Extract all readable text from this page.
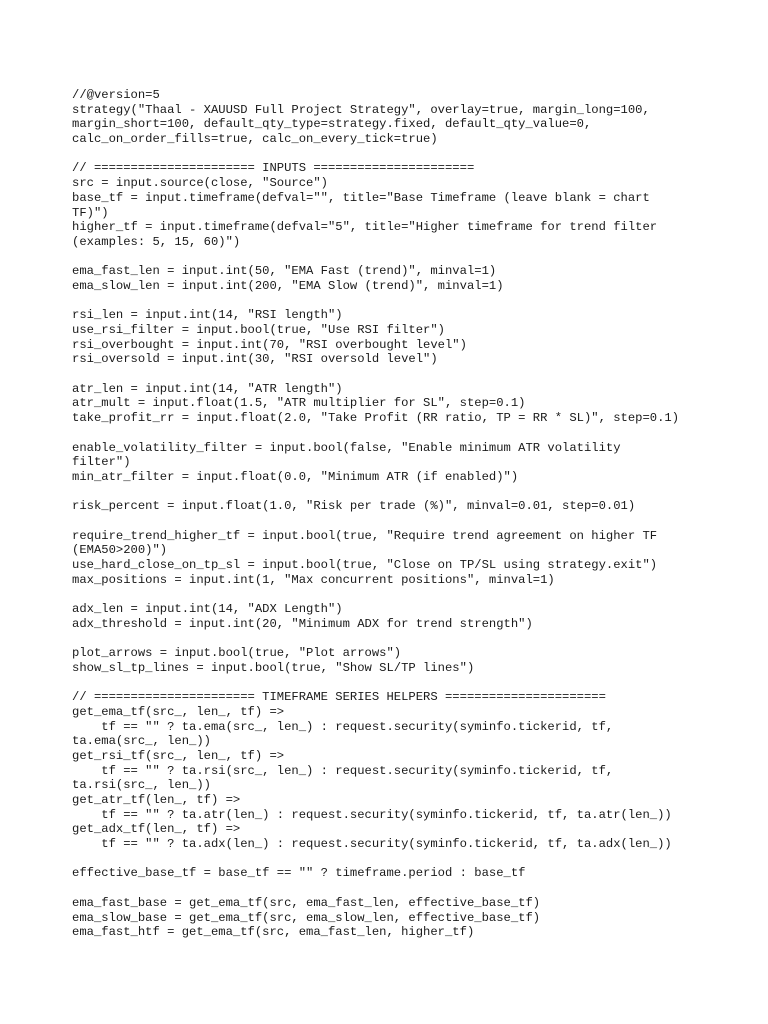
//@version=5
strategy("Thaal - XAUUSD Full Project Strategy", overlay=true, margin_long=100,
margin_short=100, default_qty_type=strategy.fixed, default_qty_value=0,
calc_on_order_fills=true, calc_on_every_tick=true)
// ====================== INPUTS ======================
src = input.source(close, "Source")
base_tf = input.timeframe(defval="", title="Base Timeframe (leave blank = chart
TF)")
higher_tf = input.timeframe(defval="5", title="Higher timeframe for trend filter
(examples: 5, 15, 60)")
ema_fast_len = input.int(50, "EMA Fast (trend)", minval=1)
ema_slow_len = input.int(200, "EMA Slow (trend)", minval=1)
rsi_len = input.int(14, "RSI length")
use_rsi_filter = input.bool(true, "Use RSI filter")
rsi_overbought = input.int(70, "RSI overbought level")
rsi_oversold = input.int(30, "RSI oversold level")
atr_len = input.int(14, "ATR length")
atr_mult = input.float(1.5, "ATR multiplier for SL", step=0.1)
take_profit_rr = input.float(2.0, "Take Profit (RR ratio, TP = RR * SL)", step=0.1)
enable_volatility_filter = input.bool(false, "Enable minimum ATR volatility
filter")
min_atr_filter = input.float(0.0, "Minimum ATR (if enabled)")
risk_percent = input.float(1.0, "Risk per trade (%)", minval=0.01, step=0.01)
require_trend_higher_tf = input.bool(true, "Require trend agreement on higher TF
(EMA50>200)")
use_hard_close_on_tp_sl = input.bool(true, "Close on TP/SL using strategy.exit")
max_positions = input.int(1, "Max concurrent positions", minval=1)
adx_len = input.int(14, "ADX Length")
adx_threshold = input.int(20, "Minimum ADX for trend strength")
plot_arrows = input.bool(true, "Plot arrows")
show_sl_tp_lines = input.bool(true, "Show SL/TP lines")
// ====================== TIMEFRAME SERIES HELPERS ======================
get_ema_tf(src_, len_, tf) =>
tf == "" ? ta.ema(src_, len_) : request.security(syminfo.tickerid, tf,
ta.ema(src_, len_))
get_rsi_tf(src_, len_, tf) =>
tf == "" ? ta.rsi(src_, len_) : request.security(syminfo.tickerid, tf,
ta.rsi(src_, len_))
get_atr_tf(len_, tf) =>
tf == "" ? ta.atr(len_) : request.security(syminfo.tickerid, tf, ta.atr(len_))
get_adx_tf(len_, tf) =>
tf == "" ? ta.adx(len_) : request.security(syminfo.tickerid, tf, ta.adx(len_))
effective_base_tf = base_tf == "" ? timeframe.period : base_tf
ema_fast_base = get_ema_tf(src, ema_fast_len, effective_base_tf)
ema_slow_base = get_ema_tf(src, ema_slow_len, effective_base_tf)
ema_fast_htf = get_ema_tf(src, ema_fast_len, higher_tf)
